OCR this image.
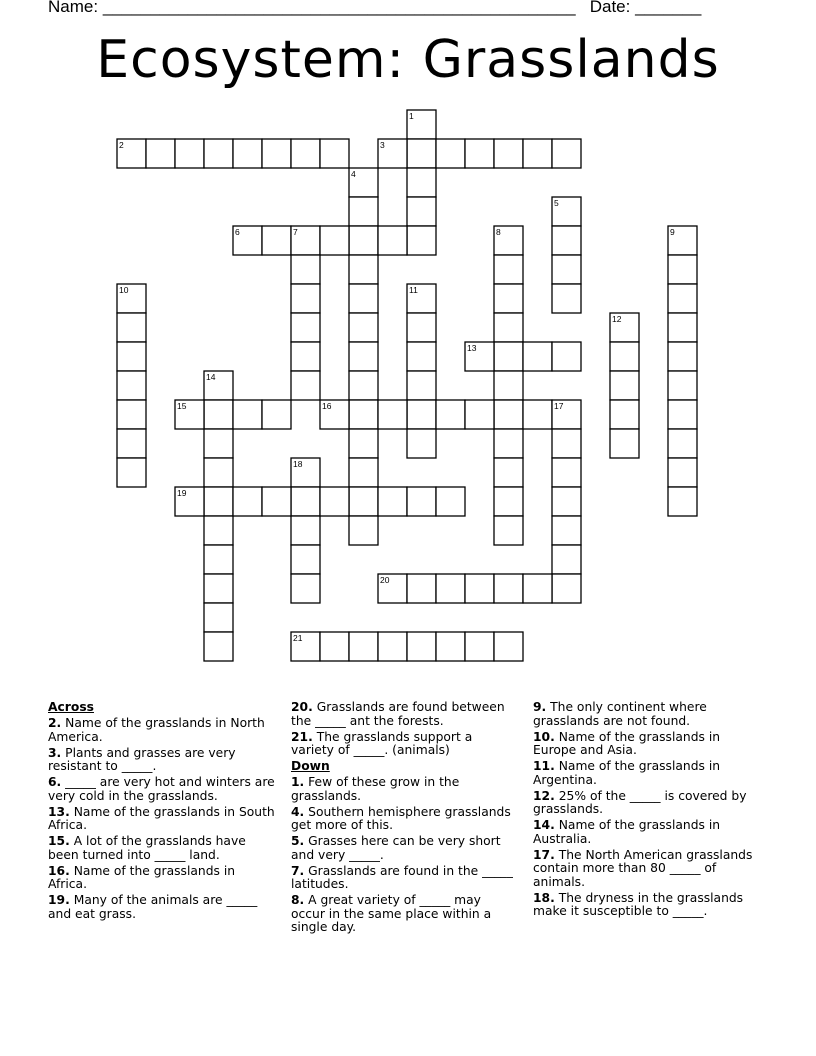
Name: __________________________________________________ Date: _______
Ecosystem: Grasslands
1
2	3
4
5
6	7	8	9
10	11
12
13
14
15	16	17
18
19
20
21
Across
2. Name of the grasslands in North America.
3. Plants and grasses are very resistant to _____.
6. _____ are very hot and winters are very cold in the grasslands.
13. Name of the grasslands in South Africa.
15. A lot of the grasslands have been turned into _____ land.
16. Name of the grasslands in Africa.
19. Many of the animals are _____ and eat grass.
20. Grasslands are found between the _____ ant the forests.
21. The grasslands support a variety of _____. (animals)
Down
1. Few of these grow in the grasslands.
4. Southern hemisphere grasslands get more of this.
5. Grasses here can be very short and very _____.
7. Grasslands are found in the _____ latitudes.
8. A great variety of _____ may occur in the same place within a single day.
9. The only continent where grasslands are not found.
10. Name of the grasslands in Europe and Asia.
11. Name of the grasslands in Argentina.
12. 25% of the _____ is covered by grasslands.
14. Name of the grasslands in Australia.
17. The North American grasslands contain more than 80 _____ of animals.
18. The dryness in the grasslands make it susceptible to _____.
